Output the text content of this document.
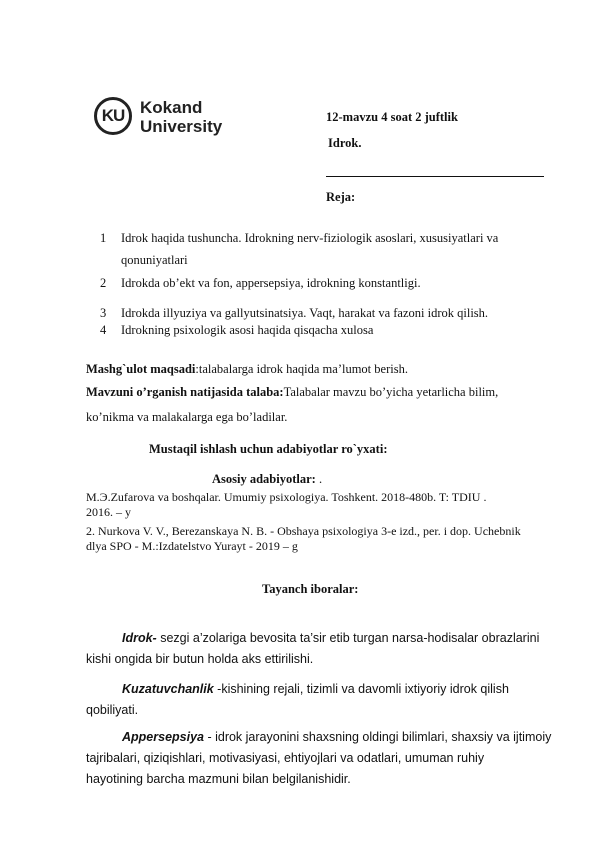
KU Kokand
University	12-mavzu 4 soat 2 juftlik
Idrok.
Reja:
1	Idrok haqida tushuncha. Idrokning nerv-fiziologik asoslari, xususiyatlari va
qonuniyatlari
2	Idrokda ob’ekt va fon, appersepsiya, idrokning konstantligi.
3	Idrokda illyuziya va gallyutsinatsiya. Vaqt, harakat va fazoni idrok qilish.
4	Idrokning psixologik asosi haqida qisqacha xulosa
Mashg`ulot maqsadi:talabalarga idrok haqida ma’lumot berish.
Mavzuni o’rganish natijasida talaba:Talabalar mavzu bo’yicha yetarlicha bilim,
ko’nikma va malakalarga ega bo’ladilar.
Mustaqil ishlash uchun adabiyotlar ro`yxati:
Asosiy adabiyotlar: .
M.Э.Zufarova va boshqalar. Umumiy psixologiya. Toshkent. 2018-480b. T: TDIU .
2016. – y
2. Nurkova V. V., Berezanskaya N. B. - Obshaya psixologiya 3-e izd., per. i dop. Uchebnik
dlya SPO - M.:Izdatelstvo Yurayt - 2019 – g
Tayanch iboralar:
Idrok- sezgi a’zolariga bevosita ta’sir etib turgan narsa-hodisalar obrazlarini
kishi ongida bir butun holda aks ettirilishi.
Kuzatuvchanlik -kishining rejali, tizimli va davomli ixtiyoriy idrok qilish
qobiliyati.
Appersepsiya - idrok jarayonini shaxsning oldingi bilimlari, shaxsiy va ijtimoiy
tajribalari, qiziqishlari, motivasiyasi, ehtiyojlari va odatlari, umuman ruhiy
hayotining barcha mazmuni bilan belgilanishidir.
